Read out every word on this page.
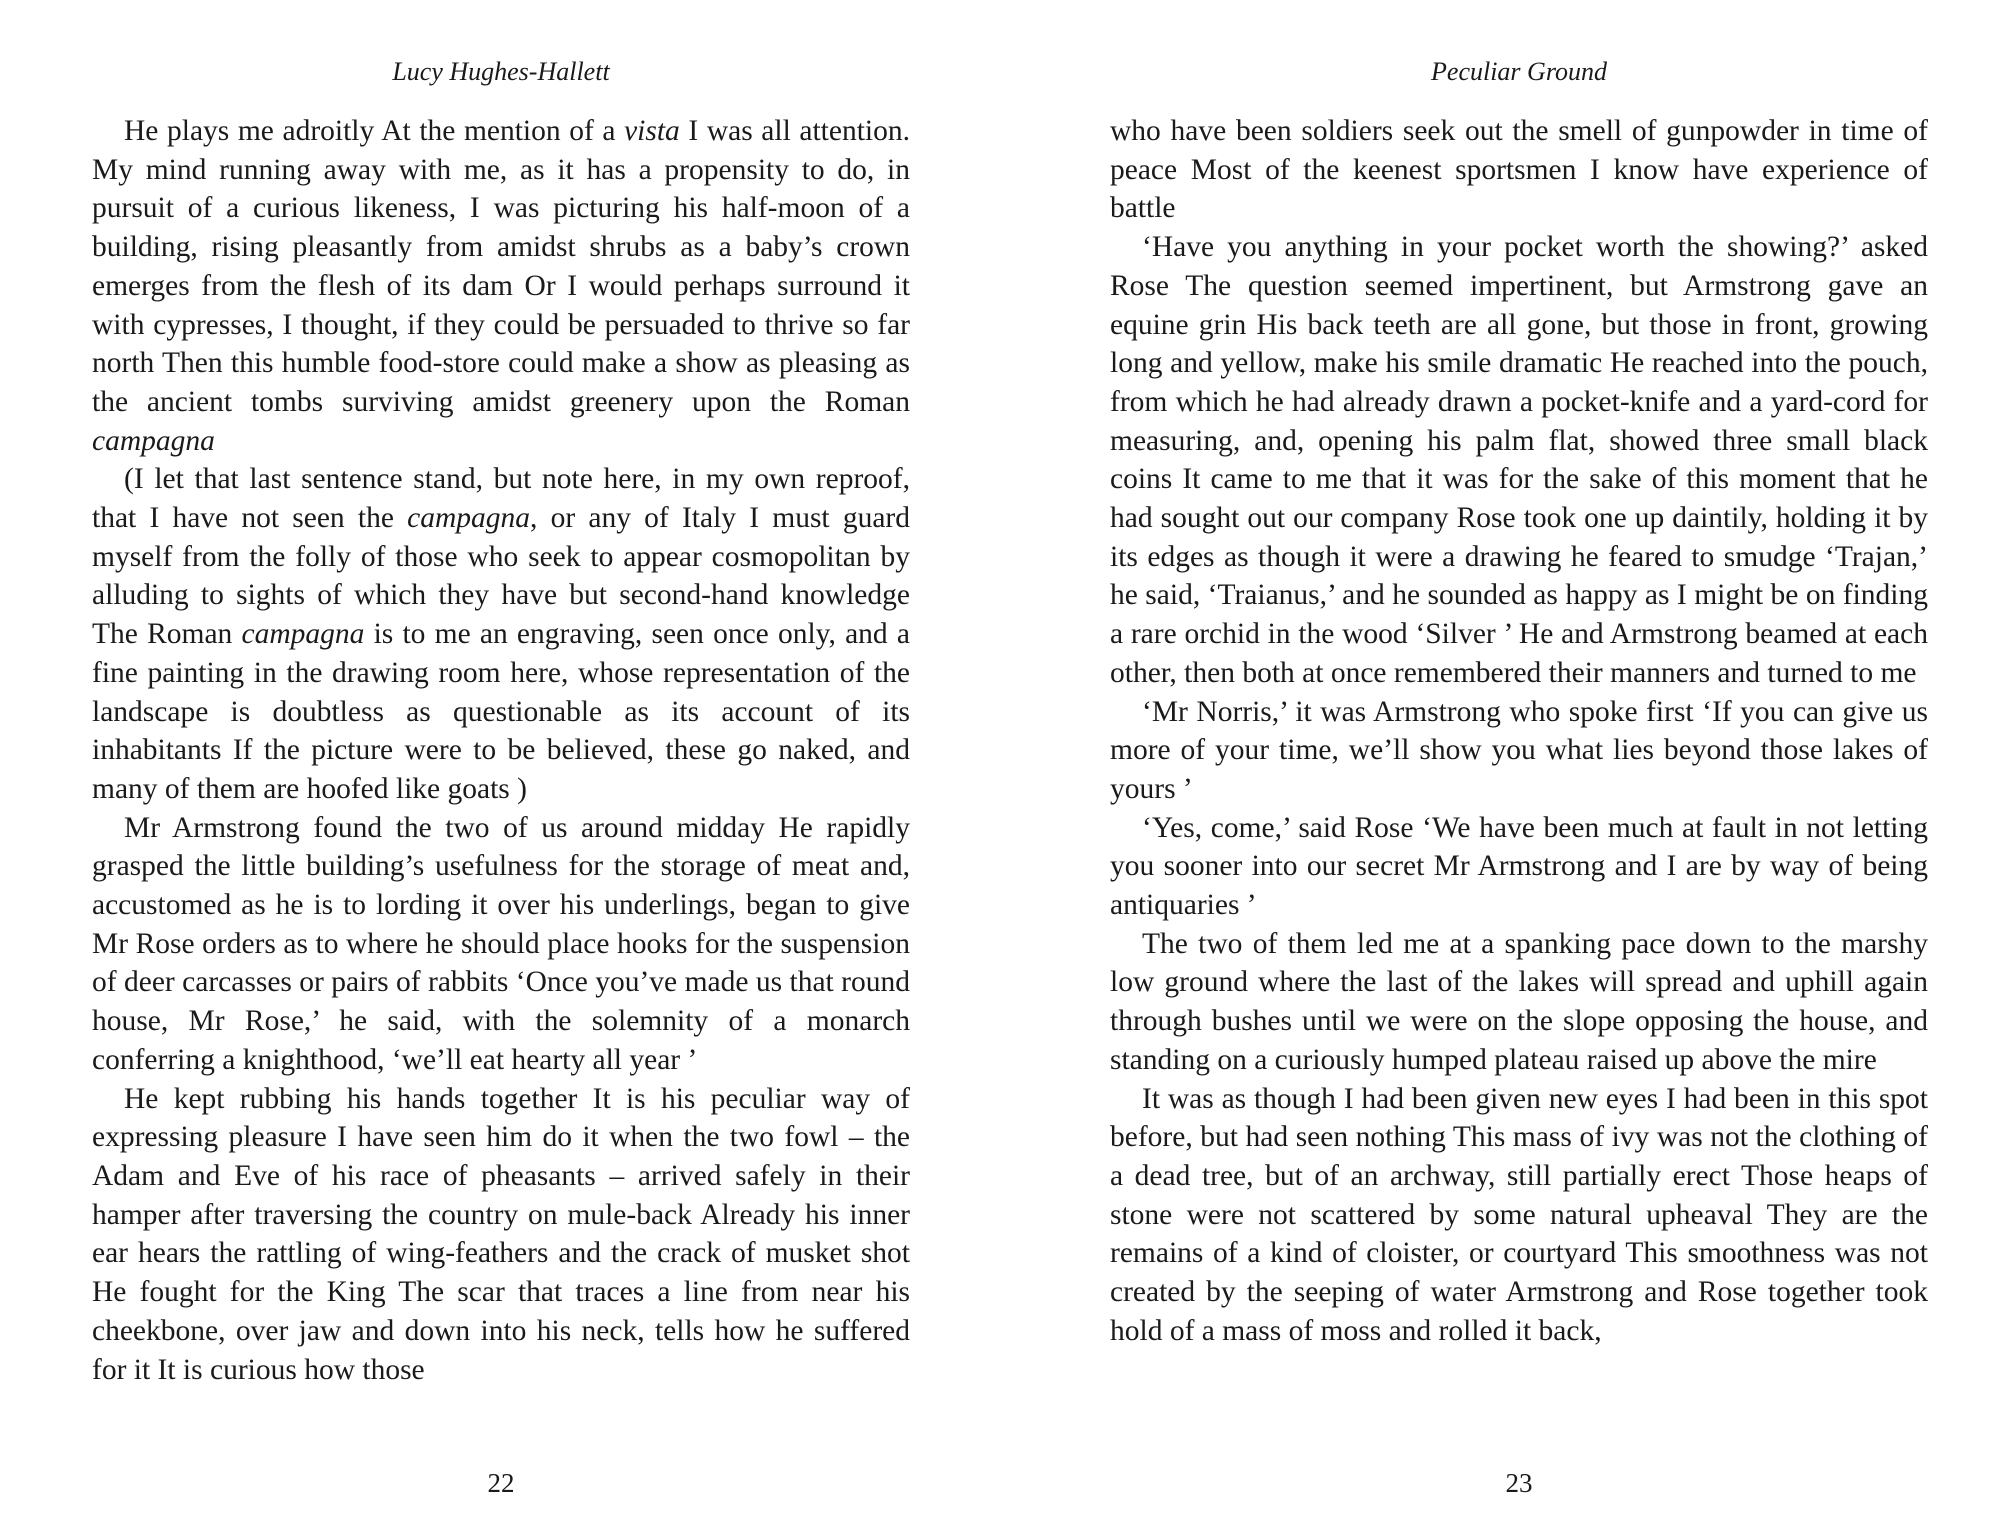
Lucy Hughes-Hallett

He plays me adroitly At the mention of a vista I was all attention. My mind running away with me, as it has a propensity to do, in pursuit of a curious likeness, I was picturing his half-moon of a building, rising pleasantly from amidst shrubs as a baby’s crown emerges from the flesh of its dam Or I would perhaps surround it with cypresses, I thought, if they could be persuaded to thrive so far north Then this humble food-store could make a show as pleasing as the ancient tombs surviving amidst greenery upon the Roman campagna

(I let that last sentence stand, but note here, in my own reproof, that I have not seen the campagna, or any of Italy I must guard myself from the folly of those who seek to appear cosmopolitan by alluding to sights of which they have but second-hand knowledge The Roman campagna is to me an engraving, seen once only, and a fine painting in the drawing room here, whose representation of the landscape is doubtless as questionable as its account of its inhabitants If the picture were to be believed, these go naked, and many of them are hoofed like goats )

Mr Armstrong found the two of us around midday He rapidly grasped the little building’s usefulness for the storage of meat and, accustomed as he is to lording it over his underlings, began to give Mr Rose orders as to where he should place hooks for the suspension of deer carcasses or pairs of rabbits ‘Once you’ve made us that round house, Mr Rose,’ he said, with the solemnity of a monarch conferring a knighthood, ‘we’ll eat hearty all year ’

He kept rubbing his hands together It is his peculiar way of expressing pleasure I have seen him do it when the two fowl – the Adam and Eve of his race of pheasants – arrived safely in their hamper after traversing the country on mule-back Already his inner ear hears the rattling of wing-feathers and the crack of musket shot He fought for the King The scar that traces a line from near his cheekbone, over jaw and down into his neck, tells how he suffered for it It is curious how those

22
Peculiar Ground

who have been soldiers seek out the smell of gunpowder in time of peace Most of the keenest sportsmen I know have experience of battle

‘Have you anything in your pocket worth the showing?’ asked Rose The question seemed impertinent, but Armstrong gave an equine grin His back teeth are all gone, but those in front, growing long and yellow, make his smile dramatic He reached into the pouch, from which he had already drawn a pocket-knife and a yard-cord for measuring, and, opening his palm flat, showed three small black coins It came to me that it was for the sake of this moment that he had sought out our company Rose took one up daintily, holding it by its edges as though it were a drawing he feared to smudge ‘Trajan,’ he said, ‘Traianus,’ and he sounded as happy as I might be on finding a rare orchid in the wood ‘Silver ’ He and Armstrong beamed at each other, then both at once remembered their manners and turned to me

‘Mr Norris,’ it was Armstrong who spoke first ‘If you can give us more of your time, we’ll show you what lies beyond those lakes of yours ’

‘Yes, come,’ said Rose ‘We have been much at fault in not letting you sooner into our secret Mr Armstrong and I are by way of being antiquaries ’

The two of them led me at a spanking pace down to the marshy low ground where the last of the lakes will spread and uphill again through bushes until we were on the slope opposing the house, and standing on a curiously humped plateau raised up above the mire

It was as though I had been given new eyes I had been in this spot before, but had seen nothing This mass of ivy was not the clothing of a dead tree, but of an archway, still partially erect Those heaps of stone were not scattered by some natural upheaval They are the remains of a kind of cloister, or courtyard This smoothness was not created by the seeping of water Armstrong and Rose together took hold of a mass of moss and rolled it back,

23
